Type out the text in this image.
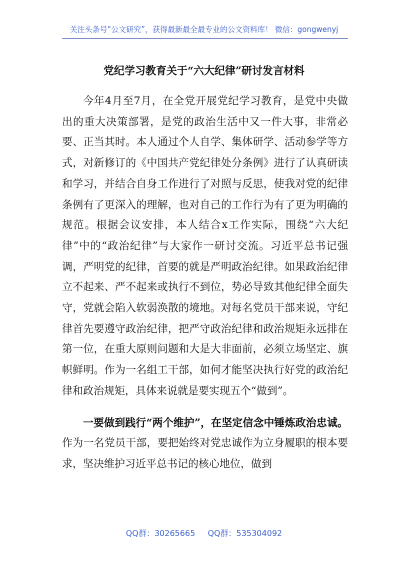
关注头条号“公文研究”，获得最新最全最专业的公文资料库！ 微信：gongwenyj
党纪学习教育关于“六大纪律”研讨发言材料

今年4月至7月，在全党开展党纪学习教育，是党中央做出的重大决策部署，是党的政治生活中又一件大事，非常必要、正当其时。本人通过个人自学、集体研学、活动参学等方式，对新修订的《中国共产党纪律处分条例》进行了认真研读和学习，并结合自身工作进行了对照与反思，使我对党的纪律条例有了更深入的理解，也对自己的工作行为有了更为明确的规范。根据会议安排，本人结合x工作实际，围绕“六大纪律”中的“政治纪律”与大家作一研讨交流。习近平总书记强调，严明党的纪律，首要的就是严明政治纪律。如果政治纪律立不起来、严不起来或执行不到位，势必导致其他纪律全面失守，党就会陷入软弱涣散的境地。对每名党员干部来说，守纪律首先要遵守政治纪律，把严守政治纪律和政治规矩永远排在第一位，在重大原则问题和大是大非面前，必须立场坚定、旗帜鲜明。作为一名组工干部，如何才能坚决执行好党的政治纪律和政治规矩，具体来说就是要实现五个“做到”。

一要做到践行“两个维护”，在坚定信念中锤炼政治忠诚。作为一名党员干部，要把始终对党忠诚作为立身履职的根本要求，坚决维护习近平总书记的核心地位，做到

QQ群：30265665 QQ群：535304092
